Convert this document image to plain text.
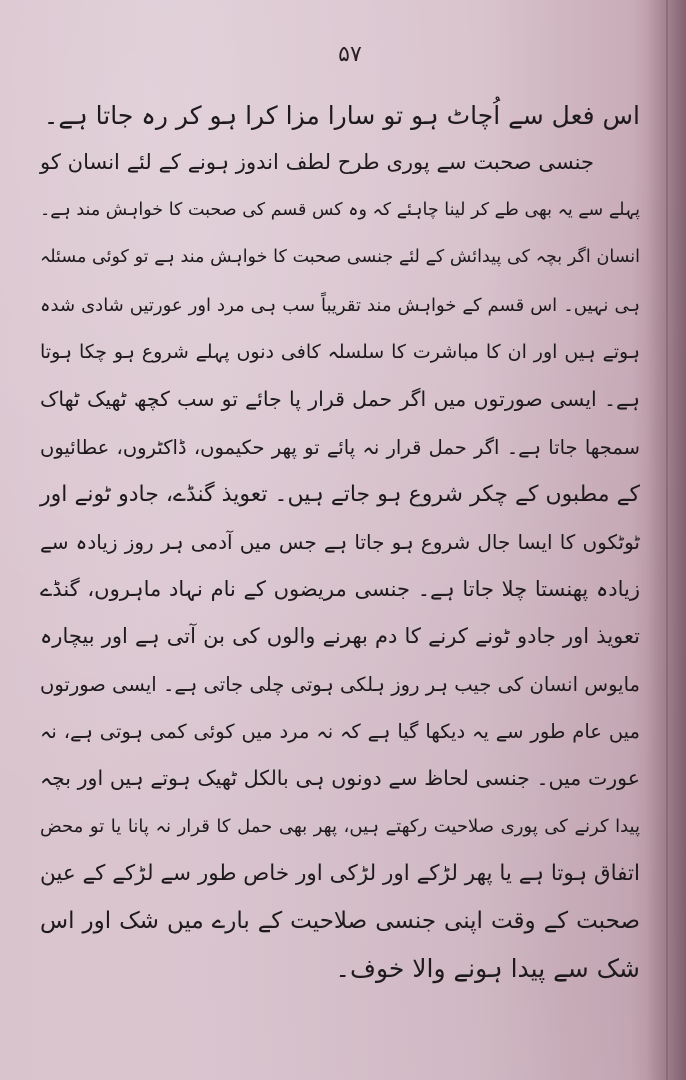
۵۷
اس فعل سے اُچاٹ ہو تو سارا مزا کرا ہو کر رہ جاتا ہے۔
جنسی صحبت سے پوری طرح لطف اندوز ہونے کے لئے انسان کو
پہلے سے یہ بھی طے کر لینا چاہئے کہ وہ کس قسم کی صحبت کا خواہش مند ہے۔
انسان اگر بچہ کی پیدائش کے لئے جنسی صحبت کا خواہش مند ہے تو کوئی مسئلہ
ہی نہیں۔ اس قسم کے خواہش مند تقریباً سب ہی مرد اور عورتیں شادی شدہ
ہوتے ہیں اور ان کا مباشرت کا سلسلہ کافی دنوں پہلے شروع ہو چکا ہوتا
ہے۔ ایسی صورتوں میں اگر حمل قرار پا جائے تو سب کچھ ٹھیک ٹھاک
سمجھا جاتا ہے۔ اگر حمل قرار نہ پائے تو پھر حکیموں، ڈاکٹروں، عطائیوں
کے مطبوں کے چکر شروع ہو جاتے ہیں۔ تعویذ گنڈے، جادو ٹونے اور
ٹوٹکوں کا ایسا جال شروع ہو جاتا ہے جس میں آدمی ہر روز زیادہ سے
زیادہ پھنستا چلا جاتا ہے۔ جنسی مریضوں کے نام نہاد ماہروں، گنڈے
تعویذ اور جادو ٹونے کرنے کا دم بھرنے والوں کی بن آتی ہے اور بیچارہ
مایوس انسان کی جیب ہر روز ہلکی ہوتی چلی جاتی ہے۔ ایسی صورتوں
میں عام طور سے یہ دیکھا گیا ہے کہ نہ مرد میں کوئی کمی ہوتی ہے، نہ
عورت میں۔ جنسی لحاظ سے دونوں ہی بالکل ٹھیک ہوتے ہیں اور بچہ
پیدا کرنے کی پوری صلاحیت رکھتے ہیں، پھر بھی حمل کا قرار نہ پانا یا تو محض
اتفاق ہوتا ہے یا پھر لڑکے اور لڑکی اور خاص طور سے لڑکے کے عین
صحبت کے وقت اپنی جنسی صلاحیت کے بارے میں شک اور اس
شک سے پیدا ہونے والا خوف۔
